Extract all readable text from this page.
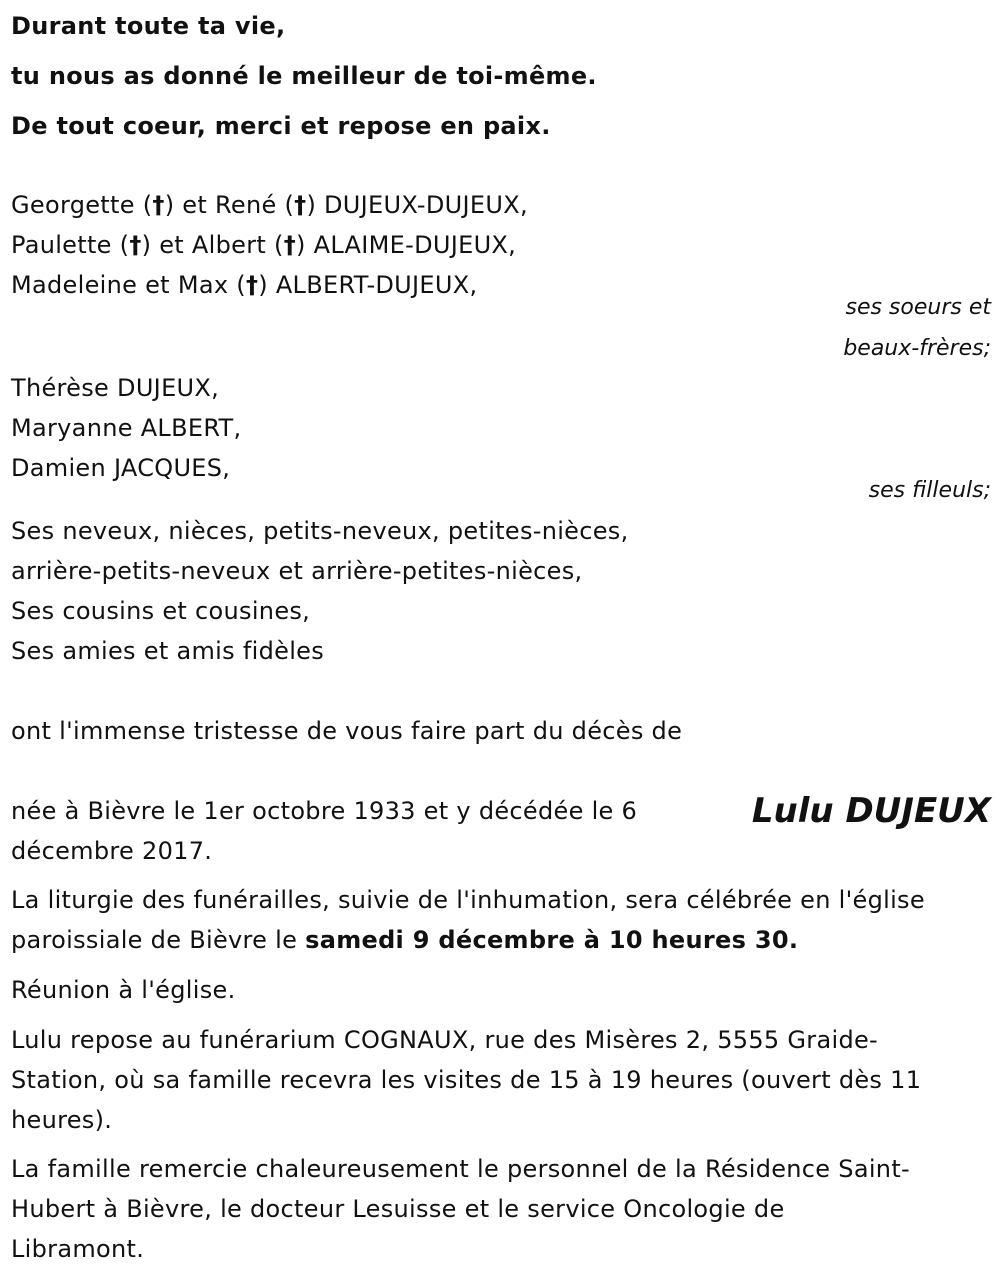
Durant toute ta vie,
tu nous as donné le meilleur de toi-même.
De tout coeur, merci et repose en paix.
Georgette (†) et René (†) DUJEUX-DUJEUX,
Paulette (†) et Albert (†) ALAIME-DUJEUX,
Madeleine et Max (†) ALBERT-DUJEUX,
ses soeurs et
beaux-frères;
Thérèse DUJEUX,
Maryanne ALBERT,
Damien JACQUES,
ses filleuls;
Ses neveux, nièces, petits-neveux, petites-nièces,
arrière-petits-neveux et arrière-petites-nièces,
Ses cousins et cousines,
Ses amies et amis fidèles
ont l'immense tristesse de vous faire part du décès de
Lulu DUJEUX
née à Bièvre le 1er octobre 1933 et y décédée le 6
décembre 2017.
La liturgie des funérailles, suivie de l'inhumation, sera célébrée en l'église
paroissiale de Bièvre le samedi 9 décembre à 10 heures 30.
Réunion à l'église.
Lulu repose au funérarium COGNAUX, rue des Misères 2, 5555 Graide-
Station, où sa famille recevra les visites de 15 à 19 heures (ouvert dès 11
heures).
La famille remercie chaleureusement le personnel de la Résidence Saint-
Hubert à Bièvre, le docteur Lesuisse et le service Oncologie de
Libramont.
